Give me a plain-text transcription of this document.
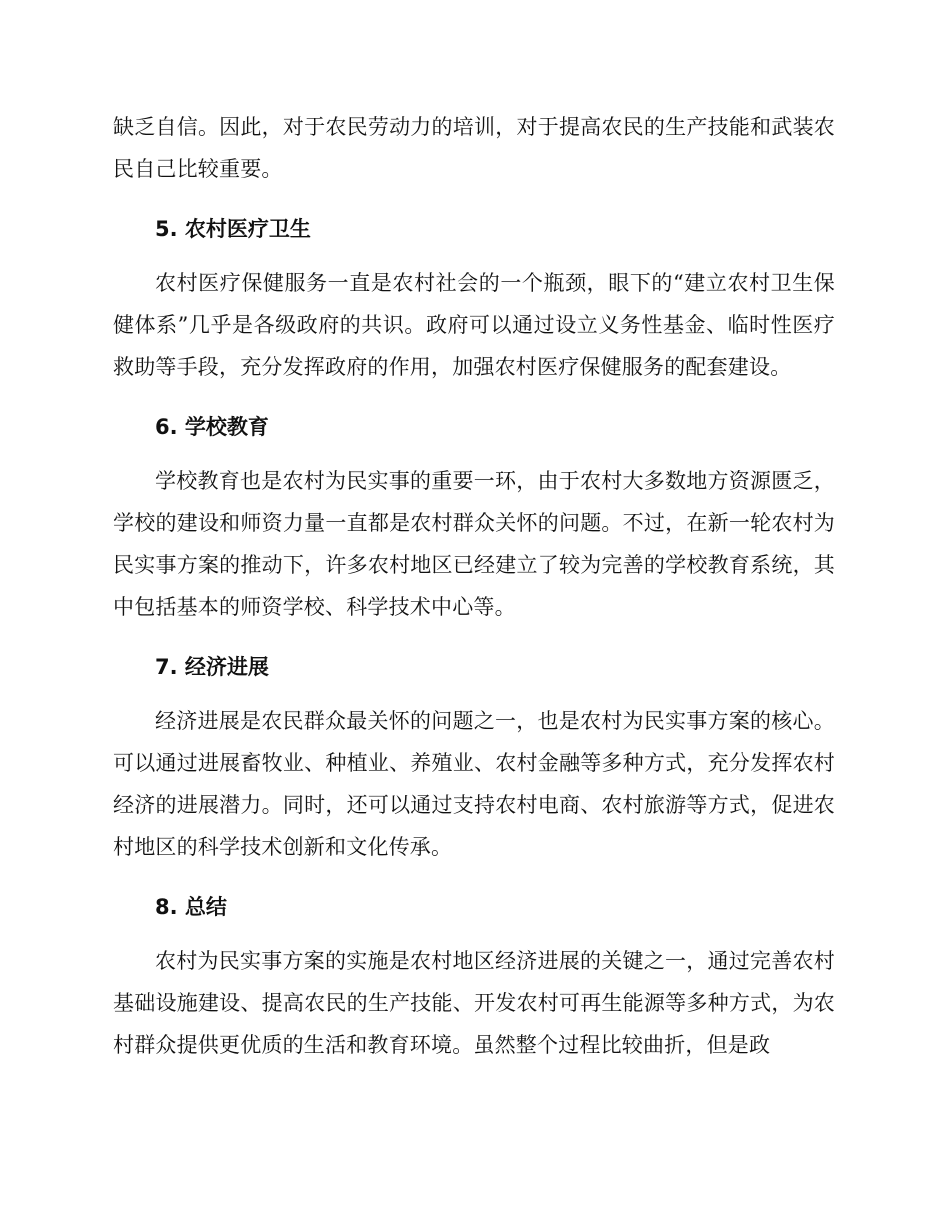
缺乏自信。因此，对于农民劳动力的培训，对于提高农民的生产技能和武装农民自己比较重要。

5. 农村医疗卫生

农村医疗保健服务一直是农村社会的一个瓶颈，眼下的“建立农村卫生保健体系”几乎是各级政府的共识。政府可以通过设立义务性基金、临时性医疗救助等手段，充分发挥政府的作用，加强农村医疗保健服务的配套建设。

6. 学校教育

学校教育也是农村为民实事的重要一环，由于农村大多数地方资源匮乏，学校的建设和师资力量一直都是农村群众关怀的问题。不过，在新一轮农村为民实事方案的推动下，许多农村地区已经建立了较为完善的学校教育系统，其中包括基本的师资学校、科学技术中心等。

7. 经济进展

经济进展是农民群众最关怀的问题之一，也是农村为民实事方案的核心。可以通过进展畜牧业、种植业、养殖业、农村金融等多种方式，充分发挥农村经济的进展潜力。同时，还可以通过支持农村电商、农村旅游等方式，促进农村地区的科学技术创新和文化传承。

8. 总结

农村为民实事方案的实施是农村地区经济进展的关键之一，通过完善农村基础设施建设、提高农民的生产技能、开发农村可再生能源等多种方式，为农村群众提供更优质的生活和教育环境。虽然整个过程比较曲折，但是政
